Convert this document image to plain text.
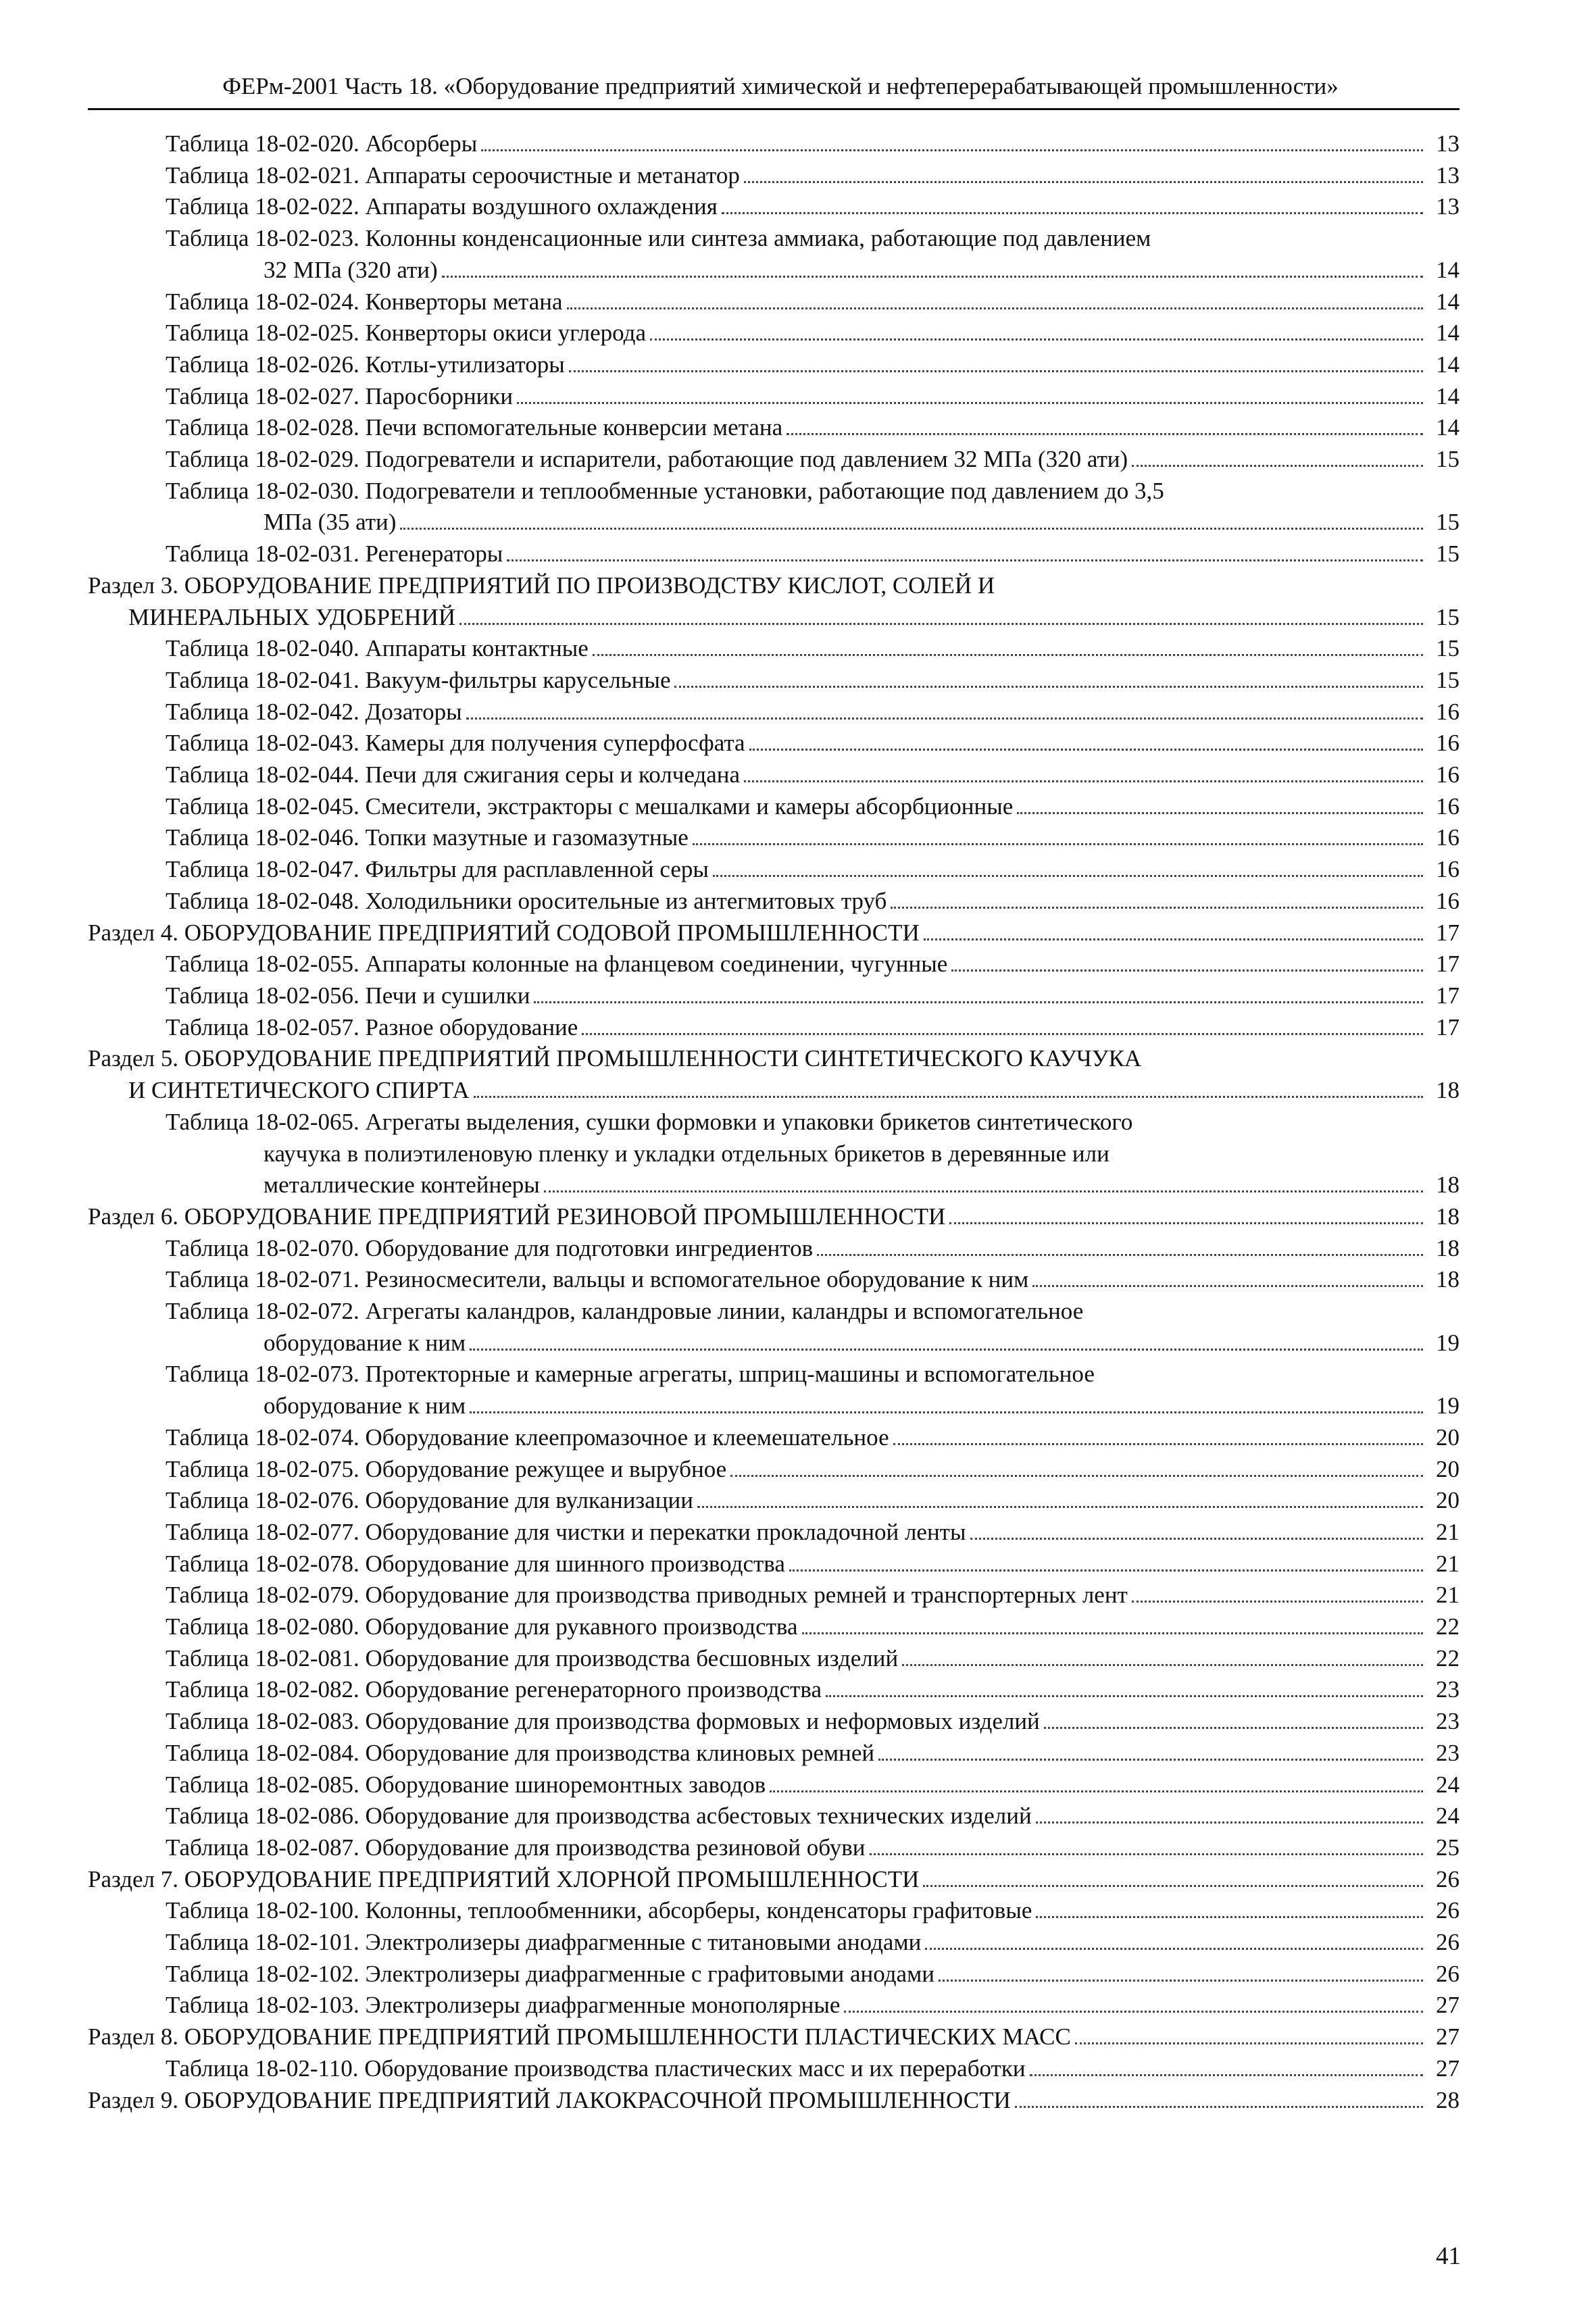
ФЕРм-2001 Часть 18. «Оборудование предприятий химической и нефтеперерабатывающей промышленности»
Таблица 18-02-020. Абсорберы	13
Таблица 18-02-021. Аппараты сероочистные и метанатор	13
Таблица 18-02-022. Аппараты воздушного охлаждения	13
Таблица 18-02-023. Колонны конденсационные или синтеза аммиака, работающие под давлением
32 МПа (320 ати)	14
Таблица 18-02-024. Конверторы метана	14
Таблица 18-02-025. Конверторы окиси углерода	14
Таблица 18-02-026. Котлы-утилизаторы	14
Таблица 18-02-027. Паросборники	14
Таблица 18-02-028. Печи вспомогательные конверсии метана	14
Таблица 18-02-029. Подогреватели и испарители, работающие под давлением 32 МПа (320 ати)	15
Таблица 18-02-030. Подогреватели и теплообменные установки, работающие под давлением до 3,5
МПа (35 ати)	15
Таблица 18-02-031. Регенераторы	15
Раздел 3. ОБОРУДОВАНИЕ ПРЕДПРИЯТИЙ ПО ПРОИЗВОДСТВУ КИСЛОТ, СОЛЕЙ И
МИНЕРАЛЬНЫХ УДОБРЕНИЙ	15
Таблица 18-02-040. Аппараты контактные	15
Таблица 18-02-041. Вакуум-фильтры карусельные	15
Таблица 18-02-042. Дозаторы	16
Таблица 18-02-043. Камеры для получения суперфосфата	16
Таблица 18-02-044. Печи для сжигания серы и колчедана	16
Таблица 18-02-045. Смесители, экстракторы с мешалками и камеры абсорбционные	16
Таблица 18-02-046. Топки мазутные и газомазутные	16
Таблица 18-02-047. Фильтры для расплавленной серы	16
Таблица 18-02-048. Холодильники оросительные из антегмитовых труб	16
Раздел 4. ОБОРУДОВАНИЕ ПРЕДПРИЯТИЙ СОДОВОЙ ПРОМЫШЛЕННОСТИ	17
Таблица 18-02-055. Аппараты колонные на фланцевом соединении, чугунные	17
Таблица 18-02-056. Печи и сушилки	17
Таблица 18-02-057. Разное оборудование	17
Раздел 5. ОБОРУДОВАНИЕ ПРЕДПРИЯТИЙ ПРОМЫШЛЕННОСТИ СИНТЕТИЧЕСКОГО КАУЧУКА
И СИНТЕТИЧЕСКОГО СПИРТА	18
Таблица 18-02-065. Агрегаты выделения, сушки формовки и упаковки брикетов синтетического
каучука в полиэтиленовую пленку и укладки отдельных брикетов в деревянные или
металлические контейнеры	18
Раздел 6. ОБОРУДОВАНИЕ ПРЕДПРИЯТИЙ РЕЗИНОВОЙ ПРОМЫШЛЕННОСТИ	18
Таблица 18-02-070. Оборудование для подготовки ингредиентов	18
Таблица 18-02-071. Резиносмесители, вальцы и вспомогательное оборудование к ним	18
Таблица 18-02-072. Агрегаты каландров, каландровые линии, каландры и вспомогательное
оборудование к ним	19
Таблица 18-02-073. Протекторные и камерные агрегаты, шприц-машины и вспомогательное
оборудование к ним	19
Таблица 18-02-074. Оборудование клеепромазочное и клеемешательное	20
Таблица 18-02-075. Оборудование режущее и вырубное	20
Таблица 18-02-076. Оборудование для вулканизации	20
Таблица 18-02-077. Оборудование для чистки и перекатки прокладочной ленты	21
Таблица 18-02-078. Оборудование для шинного производства	21
Таблица 18-02-079. Оборудование для производства приводных ремней и транспортерных лент	21
Таблица 18-02-080. Оборудование для рукавного производства	22
Таблица 18-02-081. Оборудование для производства бесшовных изделий	22
Таблица 18-02-082. Оборудование регенераторного производства	23
Таблица 18-02-083. Оборудование для производства формовых и неформовых изделий	23
Таблица 18-02-084. Оборудование для производства клиновых ремней	23
Таблица 18-02-085. Оборудование шиноремонтных заводов	24
Таблица 18-02-086. Оборудование для производства асбестовых технических изделий	24
Таблица 18-02-087. Оборудование для производства резиновой обуви	25
Раздел 7. ОБОРУДОВАНИЕ ПРЕДПРИЯТИЙ ХЛОРНОЙ ПРОМЫШЛЕННОСТИ	26
Таблица 18-02-100. Колонны, теплообменники, абсорберы, конденсаторы графитовые	26
Таблица 18-02-101. Электролизеры диафрагменные с титановыми анодами	26
Таблица 18-02-102. Электролизеры диафрагменные с графитовыми анодами	26
Таблица 18-02-103. Электролизеры диафрагменные монополярные	27
Раздел 8. ОБОРУДОВАНИЕ ПРЕДПРИЯТИЙ ПРОМЫШЛЕННОСТИ ПЛАСТИЧЕСКИХ МАСС	27
Таблица 18-02-110. Оборудование производства пластических масс и их переработки	27
Раздел 9. ОБОРУДОВАНИЕ ПРЕДПРИЯТИЙ ЛАКОКРАСОЧНОЙ ПРОМЫШЛЕННОСТИ	28
41
